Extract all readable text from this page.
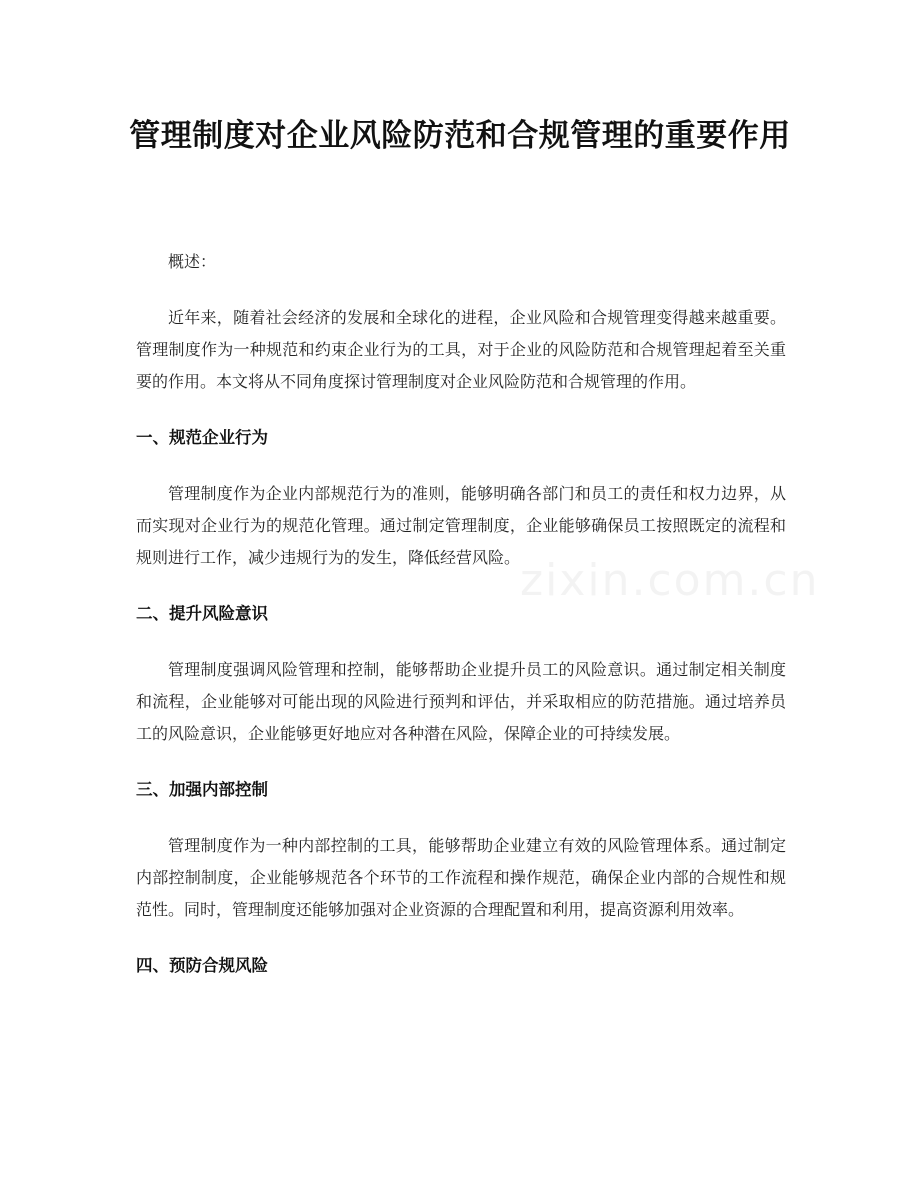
管理制度对企业风险防范和合规管理的重要作用
zixin.com.cn

概述：

近年来，随着社会经济的发展和全球化的进程，企业风险和合规管理变得越来越重要。管理制度作为一种规范和约束企业行为的工具，对于企业的风险防范和合规管理起着至关重要的作用。本文将从不同角度探讨管理制度对企业风险防范和合规管理的作用。

一、规范企业行为

管理制度作为企业内部规范行为的准则，能够明确各部门和员工的责任和权力边界，从而实现对企业行为的规范化管理。通过制定管理制度，企业能够确保员工按照既定的流程和规则进行工作，减少违规行为的发生，降低经营风险。

二、提升风险意识

管理制度强调风险管理和控制，能够帮助企业提升员工的风险意识。通过制定相关制度和流程，企业能够对可能出现的风险进行预判和评估，并采取相应的防范措施。通过培养员工的风险意识，企业能够更好地应对各种潜在风险，保障企业的可持续发展。

三、加强内部控制

管理制度作为一种内部控制的工具，能够帮助企业建立有效的风险管理体系。通过制定内部控制制度，企业能够规范各个环节的工作流程和操作规范，确保企业内部的合规性和规范性。同时，管理制度还能够加强对企业资源的合理配置和利用，提高资源利用效率。

四、预防合规风险
